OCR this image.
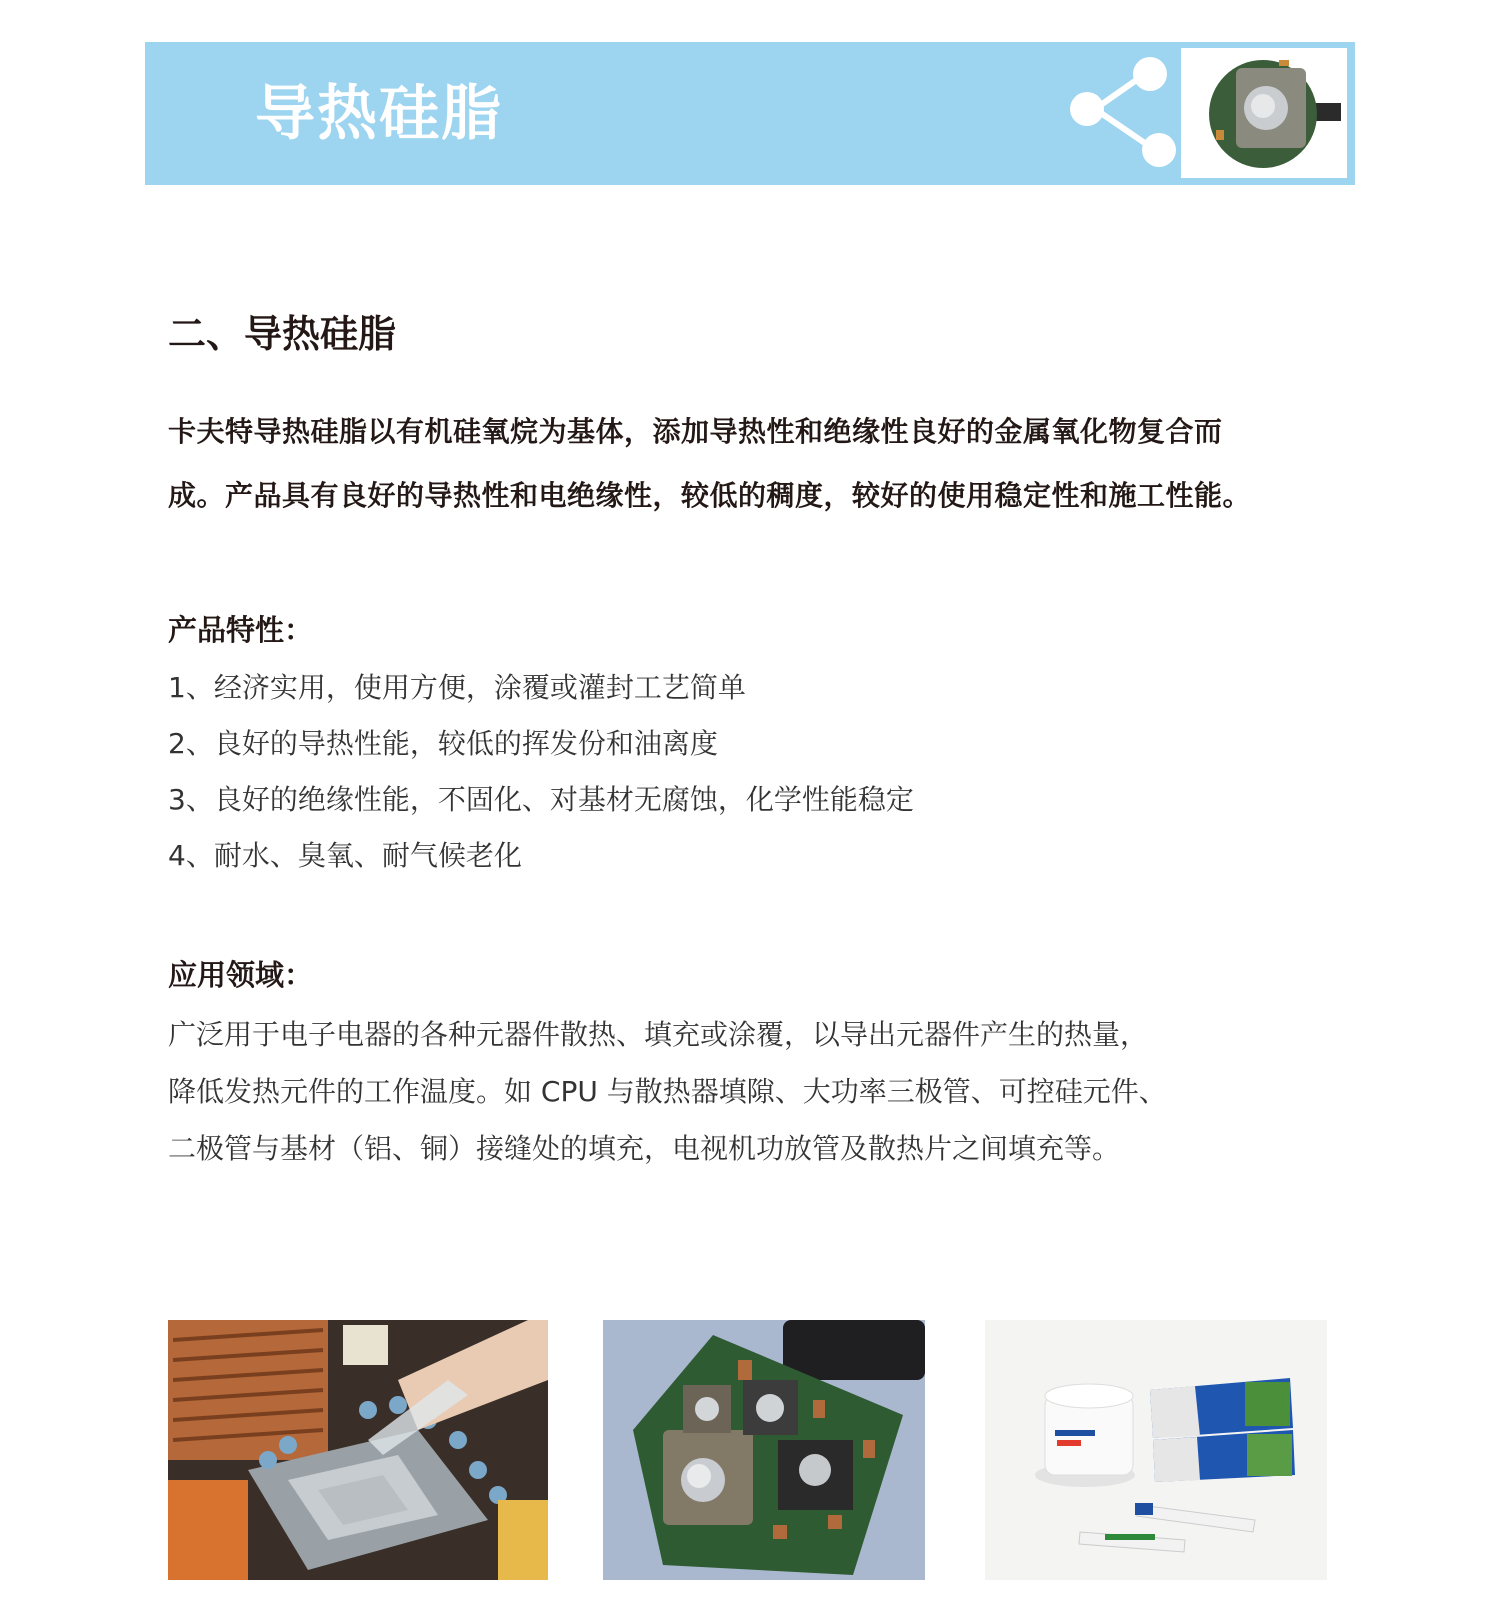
导热硅脂
二、导热硅脂

卡夫特导热硅脂以有机硅氧烷为基体，添加导热性和绝缘性良好的金属氧化物复合而
成。产品具有良好的导热性和电绝缘性，较低的稠度，较好的使用稳定性和施工性能。

产品特性：
1、经济实用，使用方便，涂覆或灌封工艺简单
2、良好的导热性能，较低的挥发份和油离度
3、良好的绝缘性能，不固化、对基材无腐蚀，化学性能稳定
4、耐水、臭氧、耐气候老化
应用领域：

广泛用于电子电器的各种元器件散热、填充或涂覆，以导出元器件产生的热量，
降低发热元件的工作温度。如 CPU 与散热器填隙、大功率三极管、可控硅元件、
二极管与基材（铝、铜）接缝处的填充，电视机功放管及散热片之间填充等。
